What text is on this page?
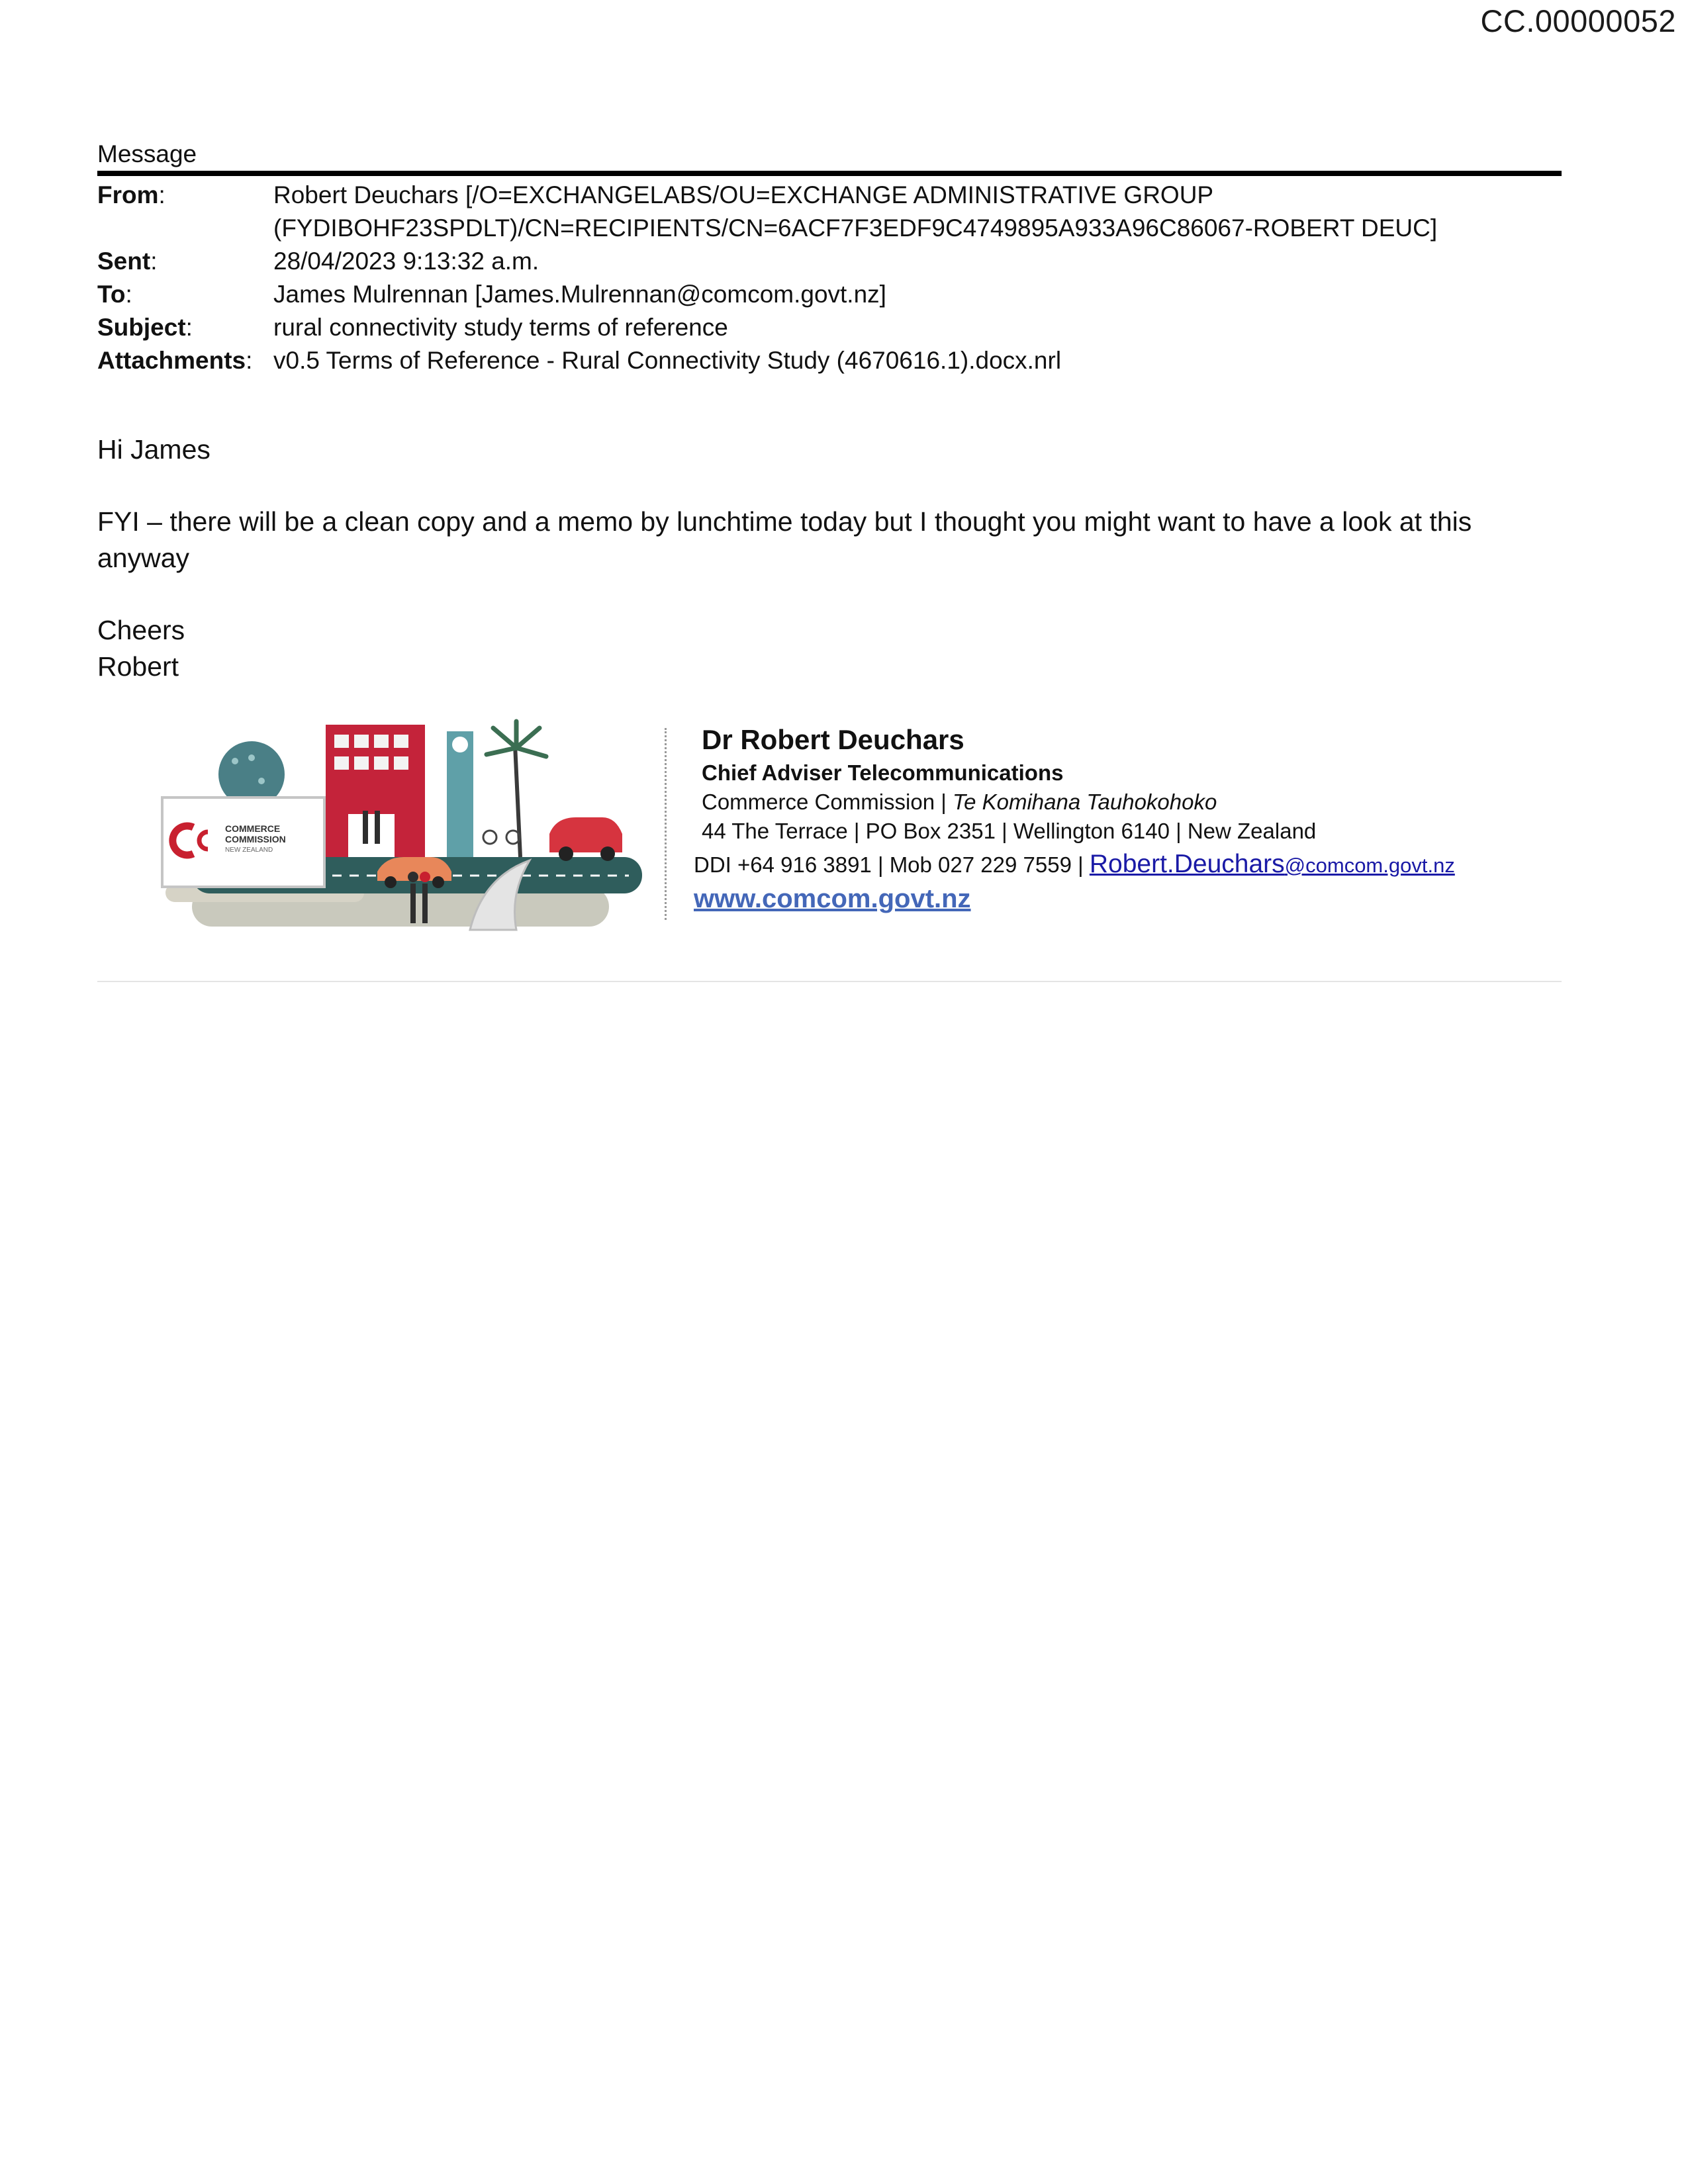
CC.00000052
Message
From:	Robert Deuchars [/O=EXCHANGELABS/OU=EXCHANGE ADMINISTRATIVE GROUP
(FYDIBOHF23SPDLT)/CN=RECIPIENTS/CN=6ACF7F3EDF9C4749895A933A96C86067-ROBERT DEUC]
Sent:	28/04/2023 9:13:32 a.m.
To:	James Mulrennan [James.Mulrennan@comcom.govt.nz]
Subject:	rural connectivity study terms of reference
Attachments: v0.5 Terms of Reference - Rural Connectivity Study (4670616.1).docx.nrl

Hi James

FYI – there will be a clean copy and a memo by lunchtime today but I thought you might want to have a look at this anyway

Cheers

Robert

COMMERCE
COMMISSION
NEW ZEALAND
Dr Robert Deuchars
Chief Adviser Telecommunications
Commerce Commission | Te Komihana Tauhokohoko
44 The Terrace | PO Box 2351 | Wellington 6140 | New Zealand
DDI +64 916 3891 | Mob 027 229 7559 | Robert.Deuchars@comcom.govt.nz
www.comcom.govt.nz
